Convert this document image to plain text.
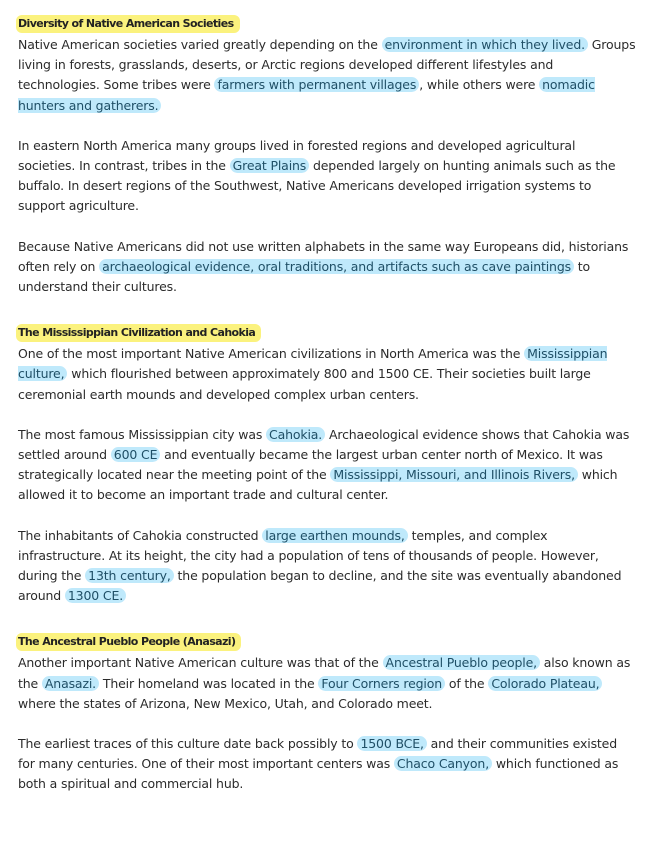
Diversity of Native American Societies

Native American societies varied greatly depending on the environment in which they lived. Groups living in forests, grasslands, deserts, or Arctic regions developed different lifestyles and technologies. Some tribes were farmers with permanent villages , while others were nomadic hunters and gatherers.

In eastern North America many groups lived in forested regions and developed agricultural societies. In contrast, tribes in the Great Plains depended largely on hunting animals such as the buffalo. In desert regions of the Southwest, Native Americans developed irrigation systems to support agriculture.

Because Native Americans did not use written alphabets in the same way Europeans did, historians often rely on archaeological evidence, oral traditions, and artifacts such as cave paintings to understand their cultures.

The Mississippian Civilization and Cahokia

One of the most important Native American civilizations in North America was the Mississippian culture, which flourished between approximately 800 and 1500 CE. Their societies built large ceremonial earth mounds and developed complex urban centers.

The most famous Mississippian city was Cahokia. Archaeological evidence shows that Cahokia was settled around 600 CE and eventually became the largest urban center north of Mexico. It was strategically located near the meeting point of the Mississippi, Missouri, and Illinois Rivers, which allowed it to become an important trade and cultural center.

The inhabitants of Cahokia constructed large earthen mounds, temples, and complex infrastructure. At its height, the city had a population of tens of thousands of people. However, during the 13th century, the population began to decline, and the site was eventually abandoned around 1300 CE.

The Ancestral Pueblo People (Anasazi)

Another important Native American culture was that of the Ancestral Pueblo people, also known as the Anasazi. Their homeland was located in the Four Corners region of the Colorado Plateau, where the states of Arizona, New Mexico, Utah, and Colorado meet.

The earliest traces of this culture date back possibly to 1500 BCE, and their communities existed for many centuries. One of their most important centers was Chaco Canyon, which functioned as both a spiritual and commercial hub.
